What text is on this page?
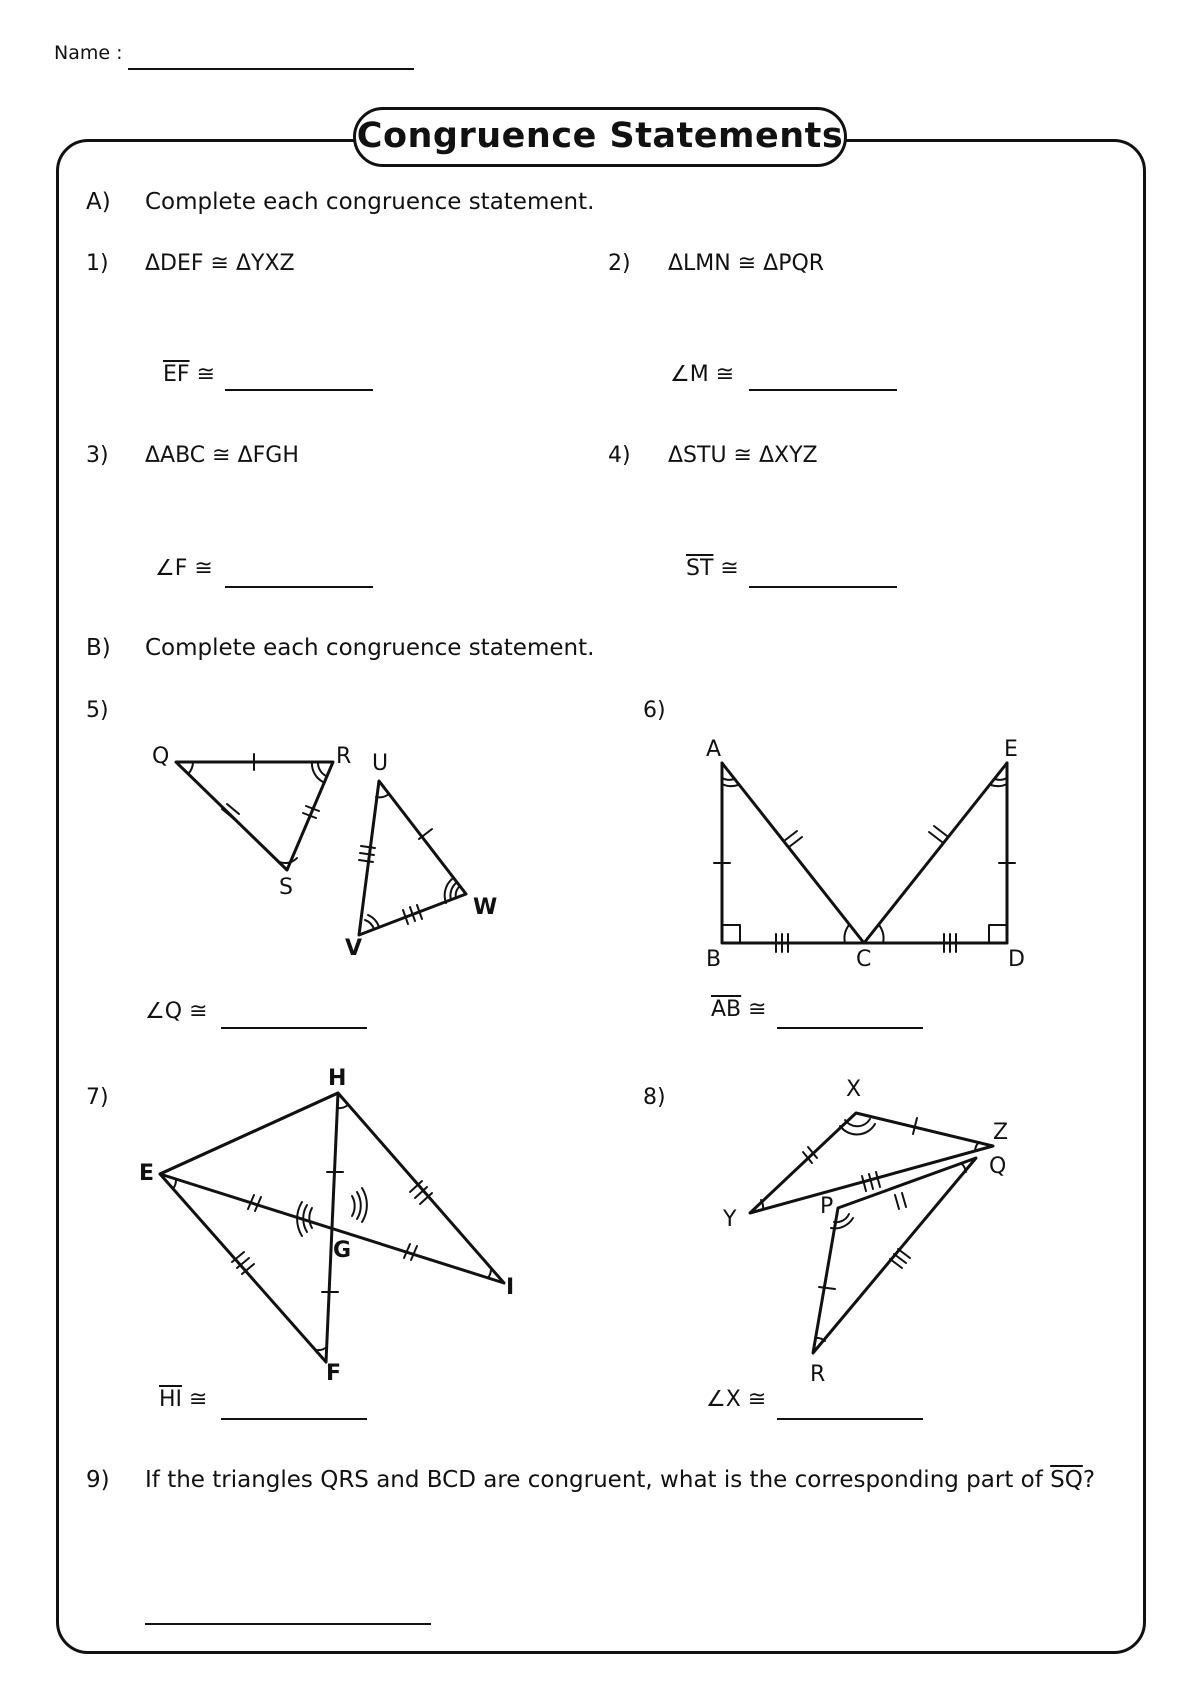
Name :
Congruence Statements
A) Complete each congruence statement.
1) ΔDEF ≅ ΔYXZ
$\overline{EF}$ ≅
2) ΔLMN ≅ ΔPQR
∠M ≅
3) ΔABC ≅ ΔFGH
∠F ≅
4) ΔSTU ≅ ΔXYZ
$\overline{ST}$ ≅
B) Complete each congruence statement.
5)	6)
7)	8)
Q	R
S
U
W
V
A	E
B	C	D
H
E
G
I
F
X
Z
Q
Y
P
R
∠Q ≅	$\overline{AB}$ ≅
$\overline{HI}$ ≅	∠X ≅
9) If the triangles QRS and BCD are congruent, what is the corresponding part of $\overline{SQ}$?
